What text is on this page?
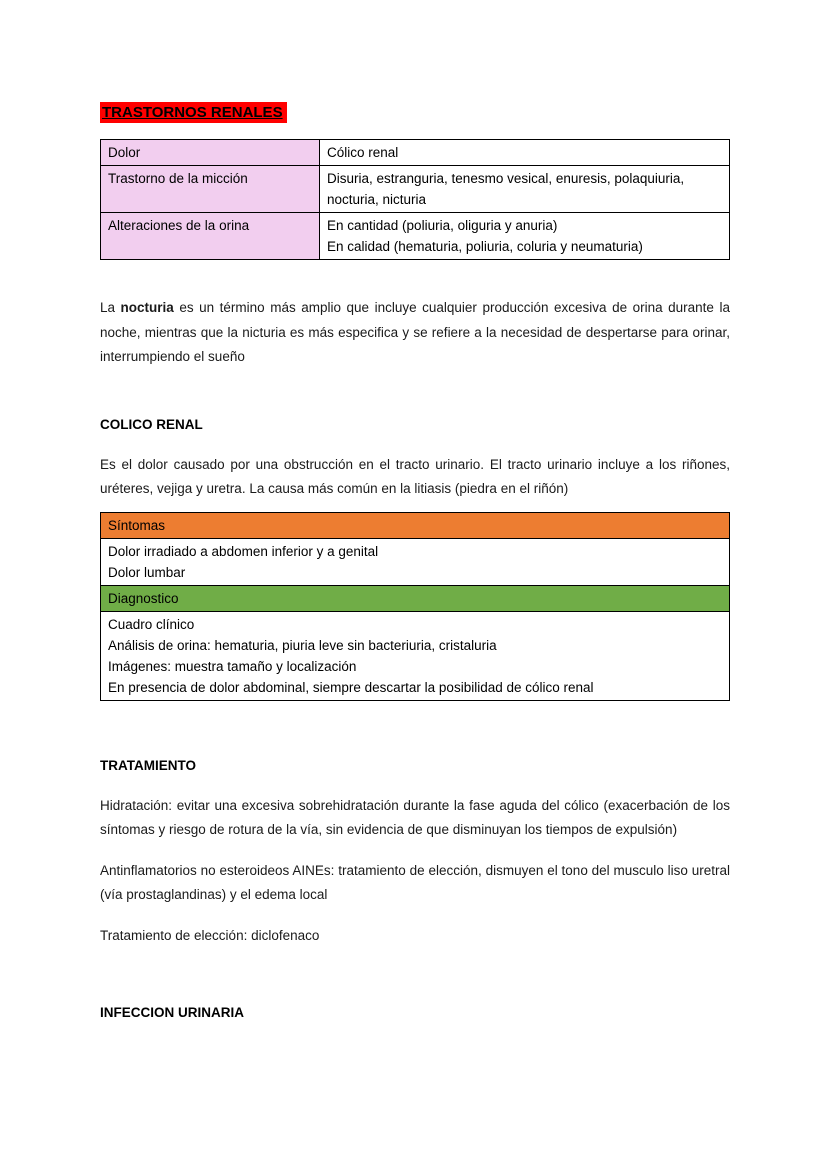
TRASTORNOS RENALES
Dolor	Cólico renal
Trastorno de la micción	Disuria, estranguria, tenesmo vesical, enuresis, polaquiuria, nocturia, nicturia
Alteraciones de la orina	En cantidad (poliuria, oliguria y anuria)
En calidad (hematuria, poliuria, coluria y neumaturia)

La nocturia es un término más amplio que incluye cualquier producción excesiva de orina durante la noche, mientras que la nicturia es más especifica y se refiere a la necesidad de despertarse para orinar, interrumpiendo el sueño

COLICO RENAL

Es el dolor causado por una obstrucción en el tracto urinario. El tracto urinario incluye a los riñones, uréteres, vejiga y uretra. La causa más común en la litiasis (piedra en el riñón)

Síntomas

Dolor irradiado a abdomen inferior y a genital
Dolor lumbar

Diagnostico

Cuadro clínico
Análisis de orina: hematuria, piuria leve sin bacteriuria, cristaluria
Imágenes: muestra tamaño y localización
En presencia de dolor abdominal, siempre descartar la posibilidad de cólico renal
TRATAMIENTO

Hidratación: evitar una excesiva sobrehidratación durante la fase aguda del cólico (exacerbación de los síntomas y riesgo de rotura de la vía, sin evidencia de que disminuyan los tiempos de expulsión)

Antinflamatorios no esteroideos AINEs: tratamiento de elección, dismuyen el tono del musculo liso uretral (vía prostaglandinas) y el edema local

Tratamiento de elección: diclofenaco

INFECCION URINARIA
